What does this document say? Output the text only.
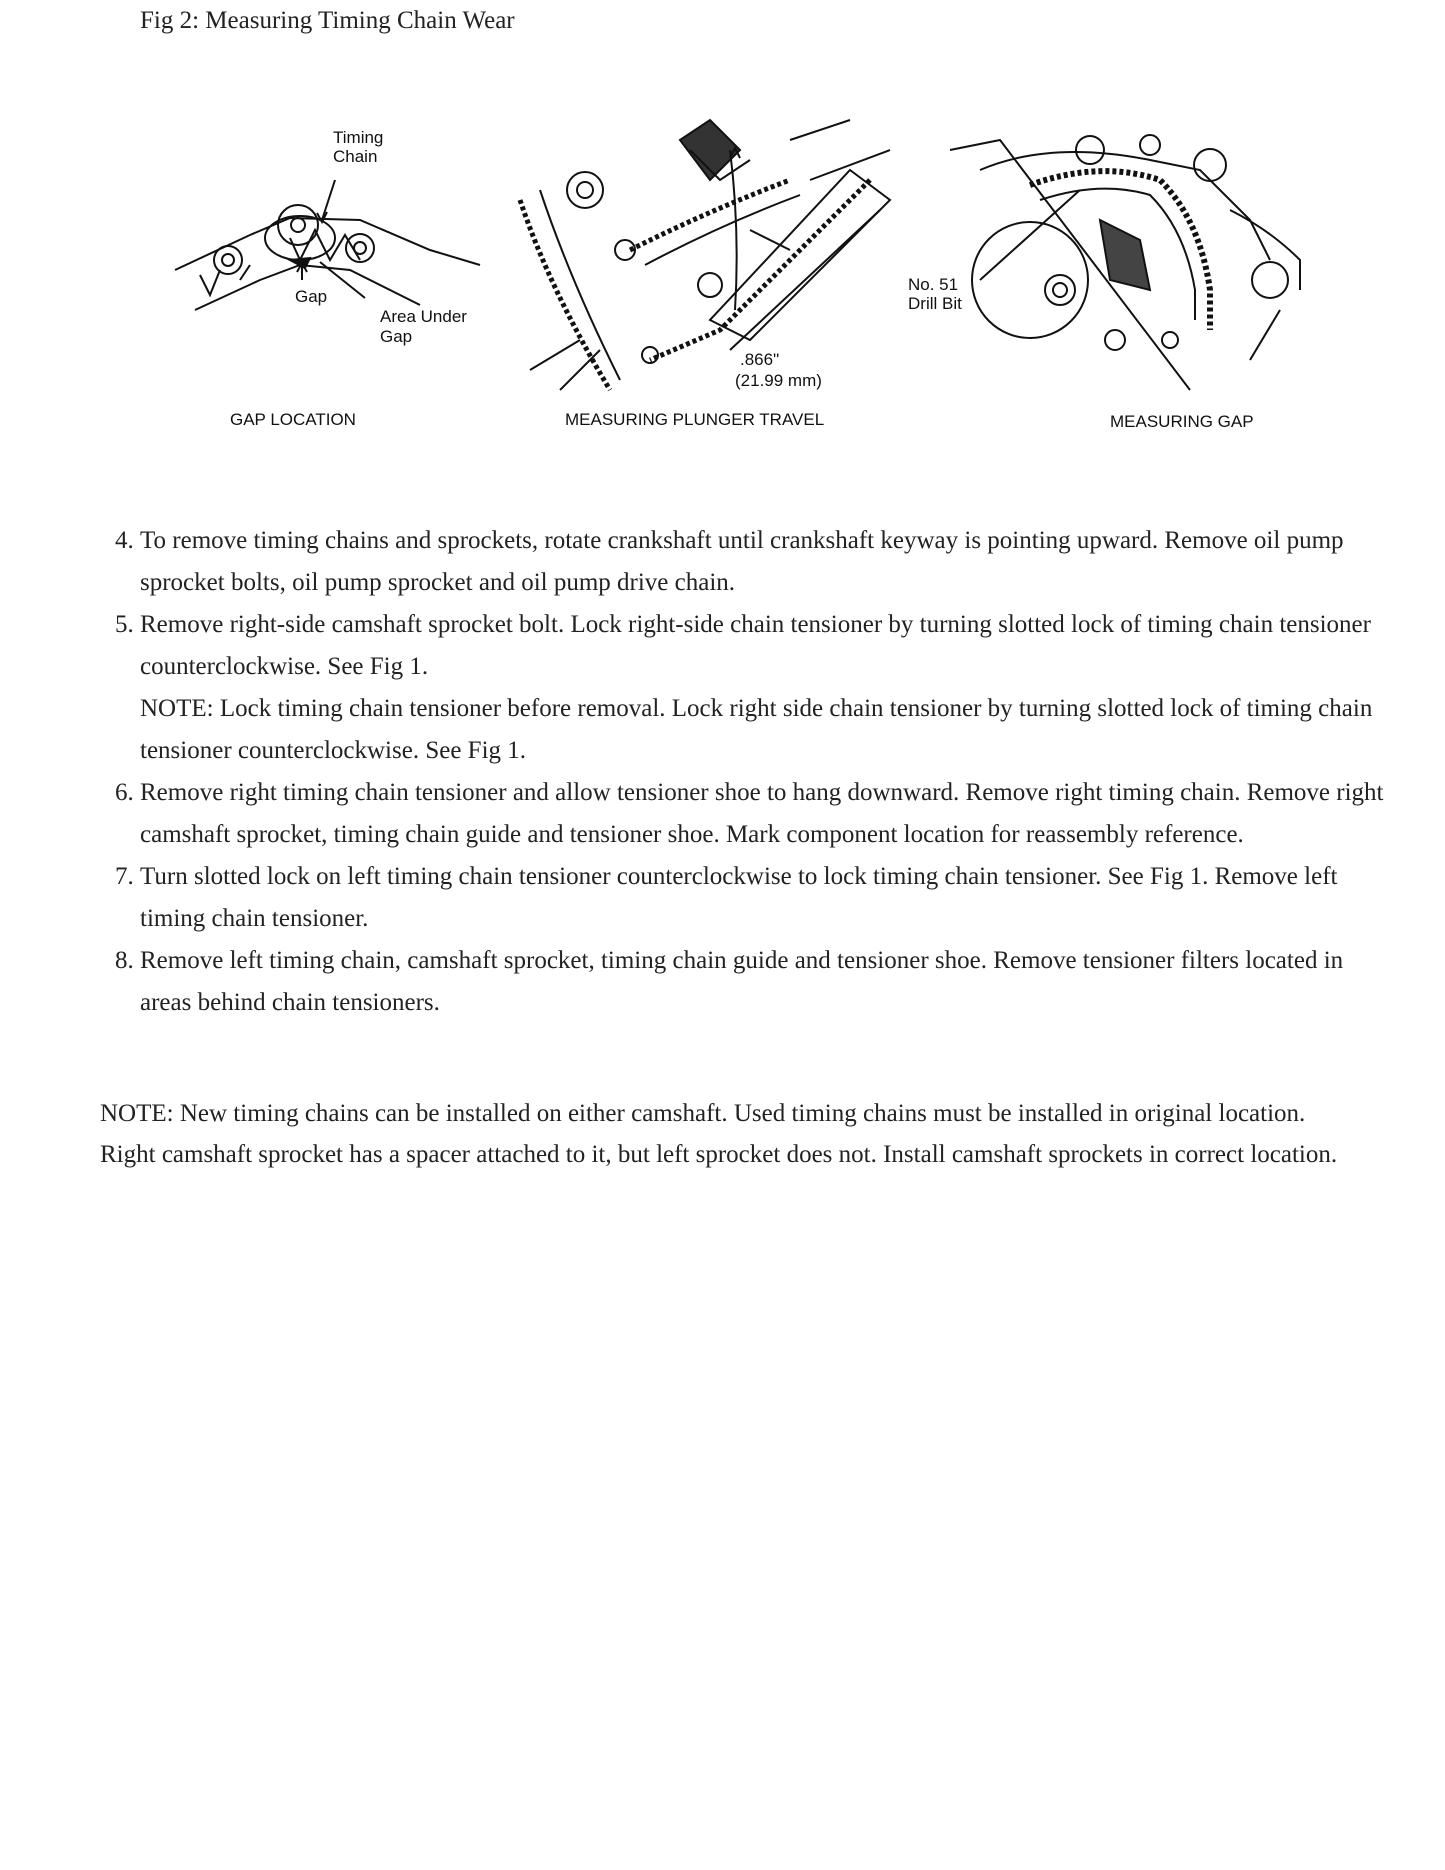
Fig 2: Measuring Timing Chain Wear
Timing
Chain
Gap
Area Under
Gap
GAP LOCATION
.866"
(21.99 mm)
MEASURING PLUNGER TRAVEL
No. 51
Drill Bit
MEASURING GAP
4. To remove timing chains and sprockets, rotate crankshaft until crankshaft keyway is pointing upward. Remove oil pump sprocket bolts, oil pump sprocket and oil pump drive chain.
5. Remove right-side camshaft sprocket bolt. Lock right-side chain tensioner by turning slotted lock of timing chain tensioner counterclockwise. See Fig 1.
NOTE: Lock timing chain tensioner before removal. Lock right side chain tensioner by turning slotted lock of timing chain tensioner counterclockwise. See Fig 1.
6. Remove right timing chain tensioner and allow tensioner shoe to hang downward. Remove right timing chain. Remove right camshaft sprocket, timing chain guide and tensioner shoe. Mark component location for reassembly reference.
7. Turn slotted lock on left timing chain tensioner counterclockwise to lock timing chain tensioner. See Fig 1. Remove left timing chain tensioner.
8. Remove left timing chain, camshaft sprocket, timing chain guide and tensioner shoe. Remove tensioner filters located in areas behind chain tensioners.

NOTE: New timing chains can be installed on either camshaft. Used timing chains must be installed in original location. Right camshaft sprocket has a spacer attached to it, but left sprocket does not. Install camshaft sprockets in correct location.
